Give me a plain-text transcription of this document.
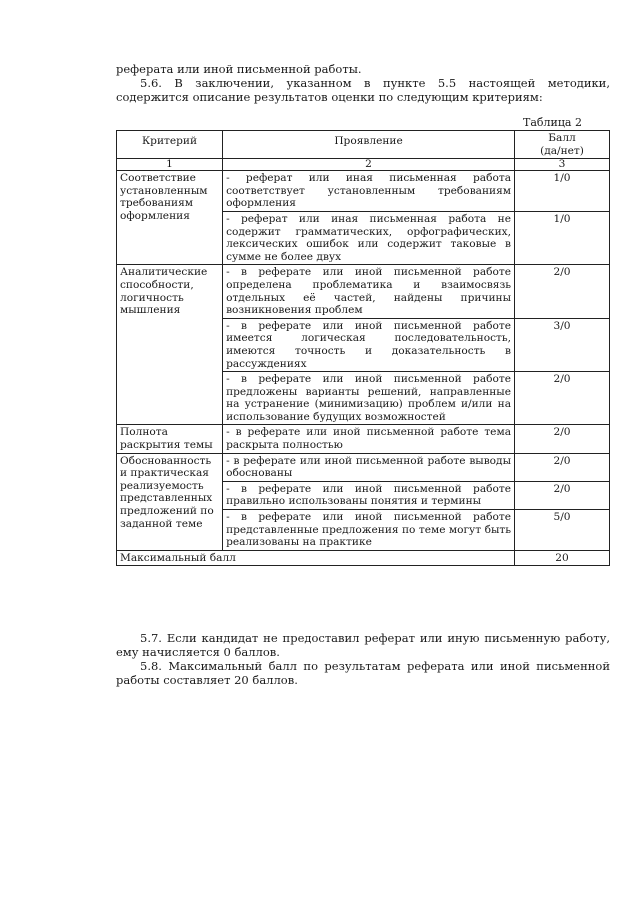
реферата или иной письменной работы.
5.6. В заключении, указанном в пункте 5.5 настоящей методики,
содержится описание результатов оценки по следующим критериям:
Таблица 2
Критерий	Проявление	Балл
(да/нет)

1	2	3
Соответствие установленным требованиям оформления	- реферат или иная письменная работа соответствует установленным требованиям оформления	1/0
	- реферат или иная письменная работа не содержит грамматических, орфографических, лексических ошибок или содержит таковые в сумме не более двух	1/0
Аналитические способности, логичность мышления	- в реферате или иной письменной работе определена проблематика и взаимосвязь отдельных её частей, найдены причины возникновения проблем	2/0
	- в реферате или иной письменной работе имеется логическая последовательность, имеются точность и доказательность в рассуждениях	3/0
	- в реферате или иной письменной работе предложены варианты решений, направленные на устранение (минимизацию) проблем и/или на использование будущих возможностей	2/0
Полнота раскрытия темы	- в реферате или иной письменной работе тема раскрыта полностью	2/0
Обоснованность и практическая реализуемость представленных предложений по заданной теме	- в реферате или иной письменной работе выводы обоснованы	2/0
	- в реферате или иной письменной работе правильно использованы понятия и термины	2/0
	- в реферате или иной письменной работе представленные предложения по теме могут быть реализованы на практике	5/0
Максимальный балл		20
5.7. Если кандидат не предоставил реферат или иную письменную работу,
ему начисляется 0 баллов.
5.8. Максимальный балл по результатам реферата или иной письменной
работы составляет 20 баллов.
